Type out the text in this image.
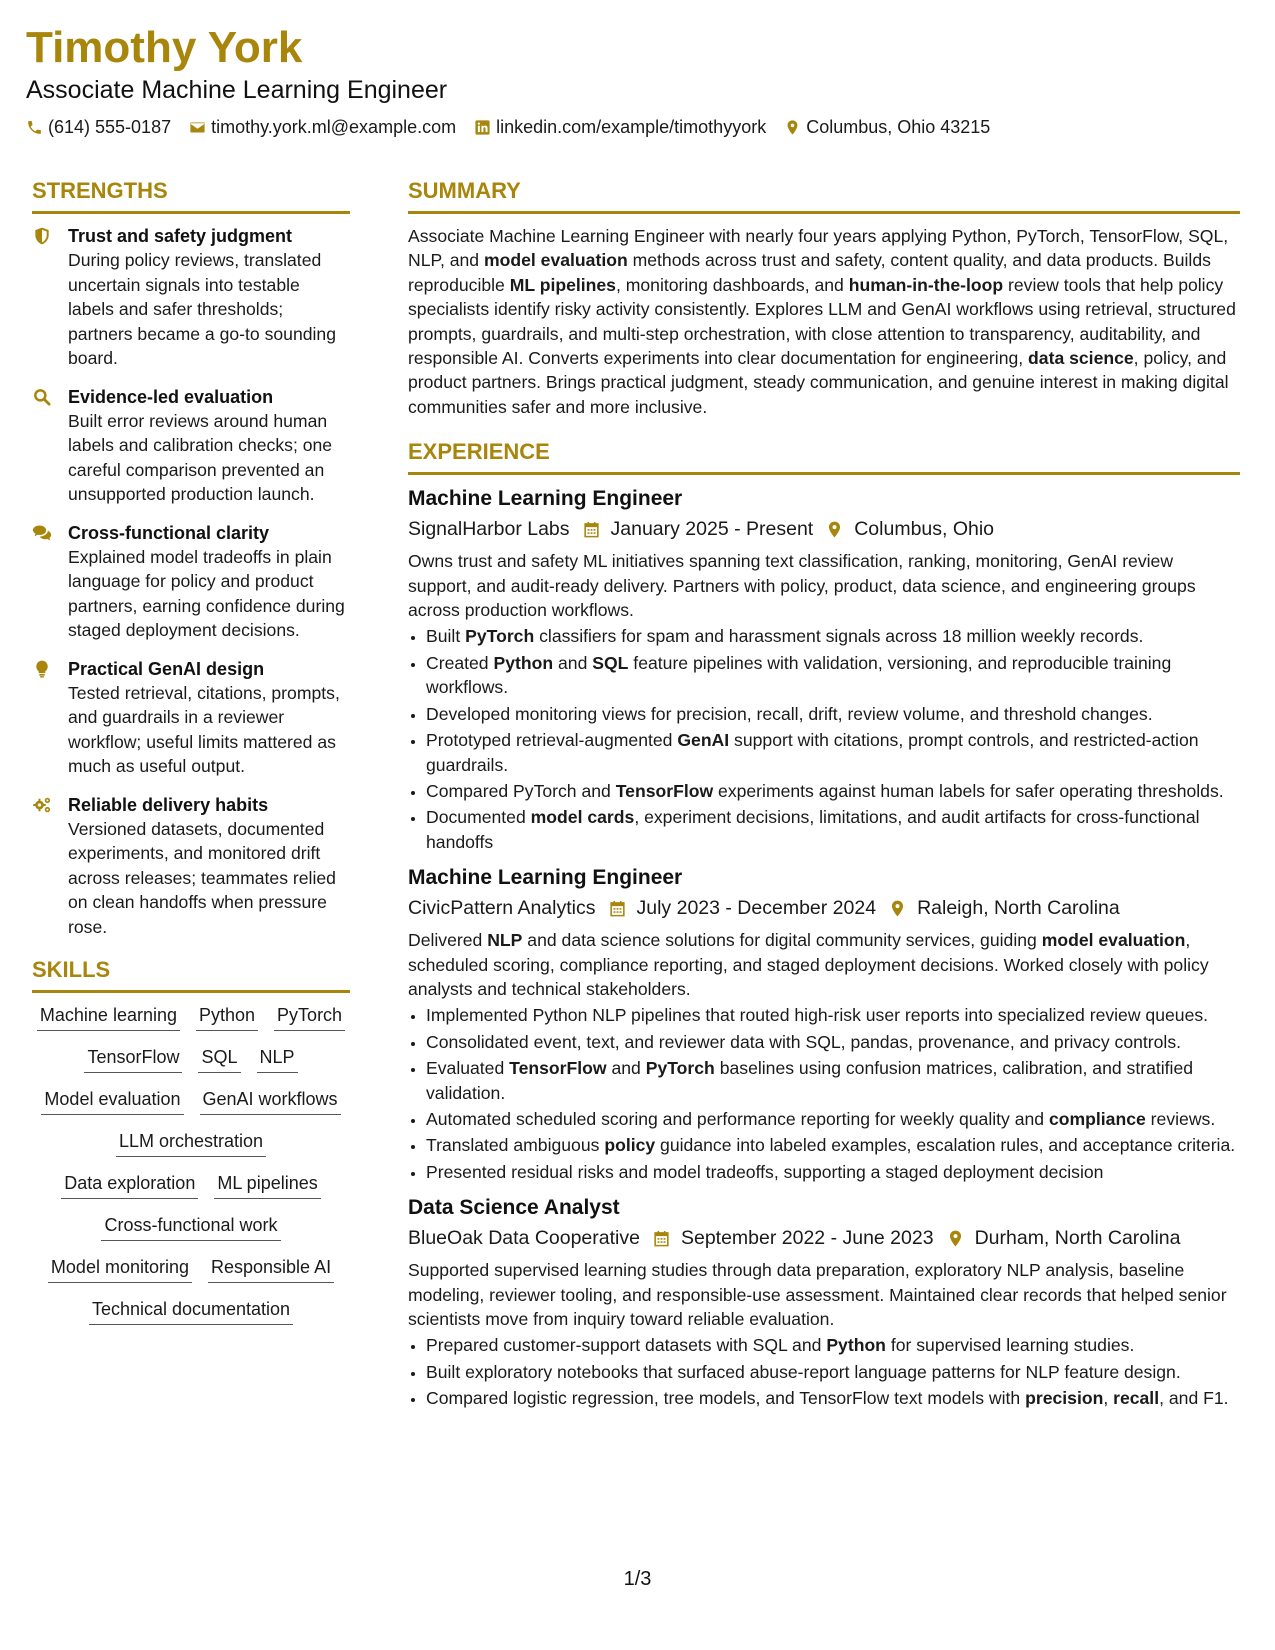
Timothy York
Associate Machine Learning Engineer
(614) 555-0187 timothy.york.ml@example.com linkedin.com/example/timothyyork Columbus, Ohio 43215
STRENGTHS
Trust and safety judgment
During policy reviews, translated uncertain signals into testable labels and safer thresholds; partners became a go-to sounding board.
Evidence-led evaluation
Built error reviews around human labels and calibration checks; one careful comparison prevented an unsupported production launch.
Cross-functional clarity
Explained model tradeoffs in plain language for policy and product partners, earning confidence during staged deployment decisions.
Practical GenAI design
Tested retrieval, citations, prompts, and guardrails in a reviewer workflow; useful limits mattered as much as useful output.
Reliable delivery habits
Versioned datasets, documented experiments, and monitored drift across releases; teammates relied on clean handoffs when pressure rose.
SKILLS
Machine learning Python PyTorch
TensorFlow SQL NLP
Model evaluation GenAI workflows
LLM orchestration
Data exploration ML pipelines
Cross-functional work
Model monitoring Responsible AI
Technical documentation
SUMMARY
Associate Machine Learning Engineer with nearly four years applying Python, PyTorch, TensorFlow, SQL, NLP, and model evaluation methods across trust and safety, content quality, and data products. Builds reproducible ML pipelines, monitoring dashboards, and human-in-the-loop review tools that help policy specialists identify risky activity consistently. Explores LLM and GenAI workflows using retrieval, structured prompts, guardrails, and multi-step orchestration, with close attention to transparency, auditability, and responsible AI. Converts experiments into clear documentation for engineering, data science, policy, and product partners. Brings practical judgment, steady communication, and genuine interest in making digital communities safer and more inclusive.
EXPERIENCE
Machine Learning Engineer
SignalHarbor Labs January 2025 - Present Columbus, Ohio
Owns trust and safety ML initiatives spanning text classification, ranking, monitoring, GenAI review support, and audit-ready delivery. Partners with policy, product, data science, and engineering groups across production workflows.
• Built PyTorch classifiers for spam and harassment signals across 18 million weekly records.
• Created Python and SQL feature pipelines with validation, versioning, and reproducible training workflows.
• Developed monitoring views for precision, recall, drift, review volume, and threshold changes.
• Prototyped retrieval-augmented GenAI support with citations, prompt controls, and restricted-action guardrails.
• Compared PyTorch and TensorFlow experiments against human labels for safer operating thresholds.
• Documented model cards, experiment decisions, limitations, and audit artifacts for cross-functional handoffs
Machine Learning Engineer
CivicPattern Analytics July 2023 - December 2024 Raleigh, North Carolina
Delivered NLP and data science solutions for digital community services, guiding model evaluation, scheduled scoring, compliance reporting, and staged deployment decisions. Worked closely with policy analysts and technical stakeholders.
• Implemented Python NLP pipelines that routed high-risk user reports into specialized review queues.
• Consolidated event, text, and reviewer data with SQL, pandas, provenance, and privacy controls.
• Evaluated TensorFlow and PyTorch baselines using confusion matrices, calibration, and stratified validation.
• Automated scheduled scoring and performance reporting for weekly quality and compliance reviews.
• Translated ambiguous policy guidance into labeled examples, escalation rules, and acceptance criteria.
• Presented residual risks and model tradeoffs, supporting a staged deployment decision
Data Science Analyst
BlueOak Data Cooperative September 2022 - June 2023 Durham, North Carolina
Supported supervised learning studies through data preparation, exploratory NLP analysis, baseline modeling, reviewer tooling, and responsible-use assessment. Maintained clear records that helped senior scientists move from inquiry toward reliable evaluation.
• Prepared customer-support datasets with SQL and Python for supervised learning studies.
• Built exploratory notebooks that surfaced abuse-report language patterns for NLP feature design.
• Compared logistic regression, tree models, and TensorFlow text models with precision, recall, and F1.
1/3
